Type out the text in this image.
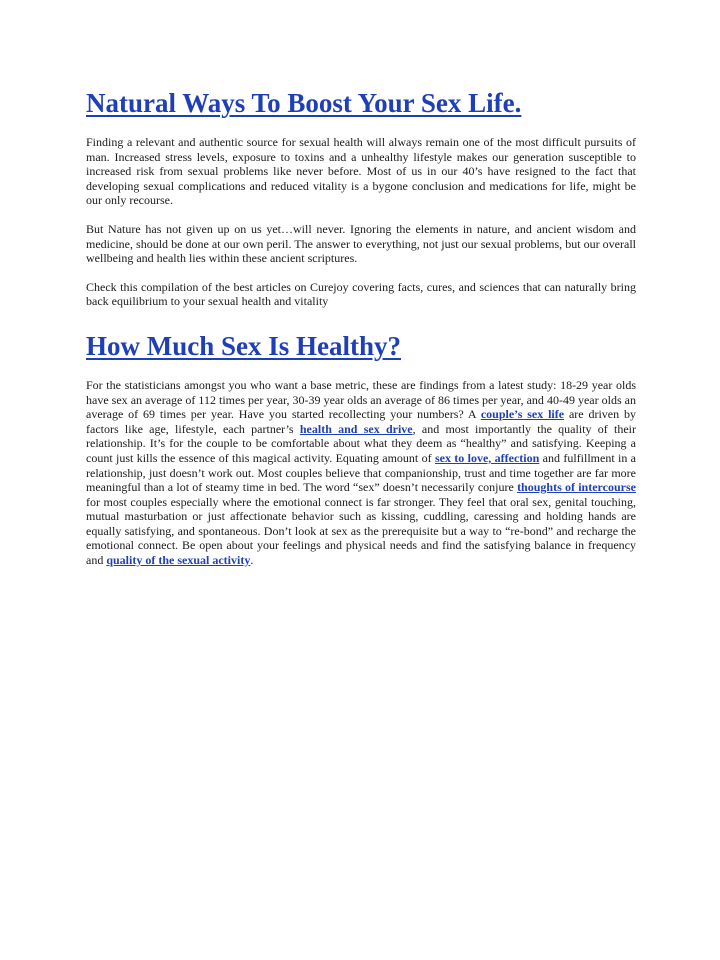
Natural Ways To Boost Your Sex Life.

Finding a relevant and authentic source for sexual health will always remain one of the most difficult pursuits of man. Increased stress levels, exposure to toxins and a unhealthy lifestyle makes our generation susceptible to increased risk from sexual problems like never before. Most of us in our 40’s have resigned to the fact that developing sexual complications and reduced vitality is a bygone conclusion and medications for life, might be our only recourse.

But Nature has not given up on us yet…will never. Ignoring the elements in nature, and ancient wisdom and medicine, should be done at our own peril. The answer to everything, not just our sexual problems, but our overall wellbeing and health lies within these ancient scriptures.

Check this compilation of the best articles on Curejoy covering facts, cures, and sciences that can naturally bring back equilibrium to your sexual health and vitality

How Much Sex Is Healthy?

For the statisticians amongst you who want a base metric, these are findings from a latest study: 18-29 year olds have sex an average of 112 times per year, 30-39 year olds an average of 86 times per year, and 40-49 year olds an average of 69 times per year. Have you started recollecting your numbers? A couple’s sex life are driven by factors like age, lifestyle, each partner’s health and sex drive, and most importantly the quality of their relationship. It’s for the couple to be comfortable about what they deem as “healthy” and satisfying. Keeping a count just kills the essence of this magical activity. Equating amount of sex to love, affection and fulfillment in a relationship, just doesn’t work out. Most couples believe that companionship, trust and time together are far more meaningful than a lot of steamy time in bed. The word “sex” doesn’t necessarily conjure thoughts of intercourse for most couples especially where the emotional connect is far stronger. They feel that oral sex, genital touching, mutual masturbation or just affectionate behavior such as kissing, cuddling, caressing and holding hands are equally satisfying, and spontaneous. Don’t look at sex as the prerequisite but a way to “re-bond” and recharge the emotional connect. Be open about your feelings and physical needs and find the satisfying balance in frequency and quality of the sexual activity.
